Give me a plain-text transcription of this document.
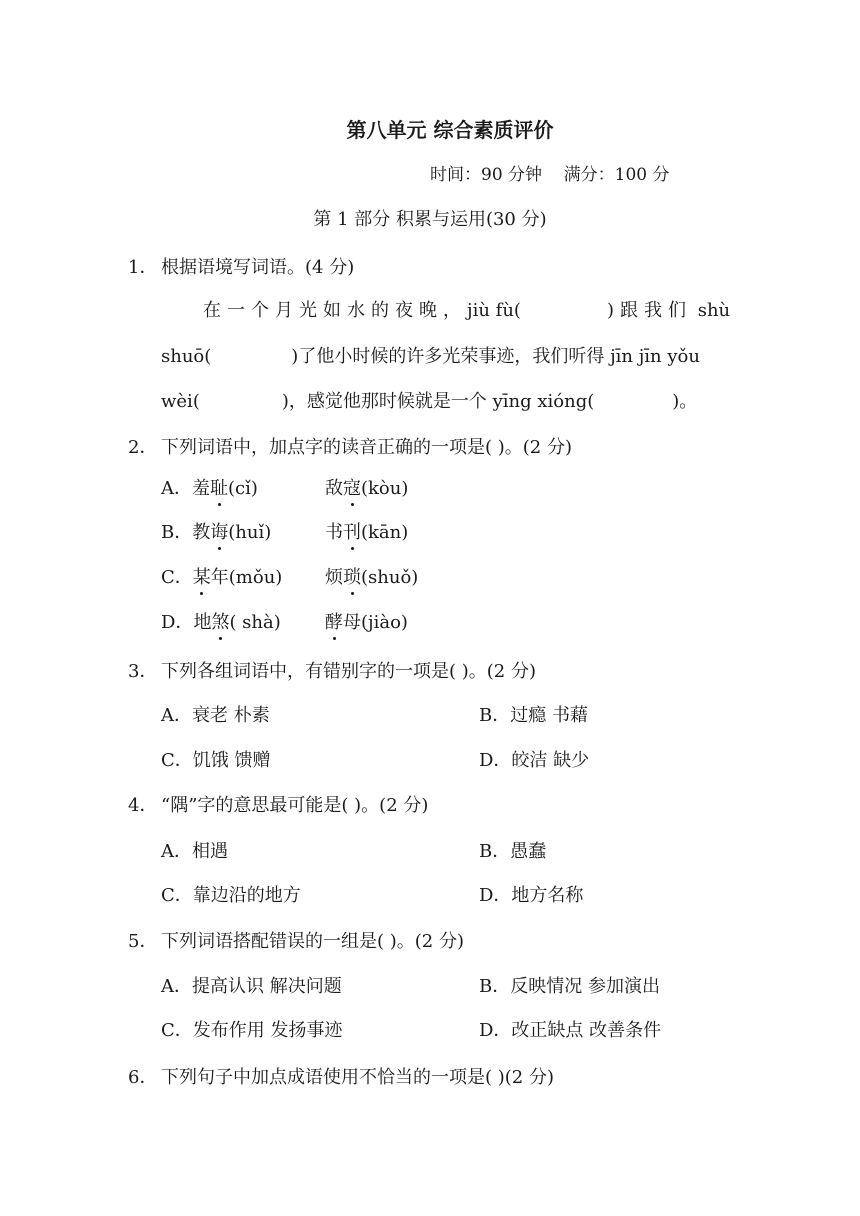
第八单元 综合素质评价
时间：90 分钟 满分：100 分
第 1 部分 积累与运用(30 分)
1． 根据语境写词语。(4 分)
在一个月光如水的夜晚，jiù fù(	)跟我们 shù
shuō(	)了他小时候的许多光荣事迹，我们听得 jīn jīn yǒu
wèi(	)，感觉他那时候就是一个 yīng xióng(	)。
2． 下列词语中，加点字的读音正确的一项是( )。(2 分)
A．羞耻(cǐ)	敌寇(kòu)
B．教诲(huǐ)	书刊(kān)
C．某年(mǒu) 烦琐(shuǒ)
D．地煞( shà) 酵母(jiào)
3． 下列各组词语中，有错别字的一项是( )。(2 分)
A．衰老 朴素	B．过瘾 书藉
C．饥饿 馈赠	D．皎洁 缺少
4． “隅”字的意思最可能是( )。(2 分)
A．相遇	B．愚蠢
C．靠边沿的地方	D．地方名称
5． 下列词语搭配错误的一组是( )。(2 分)
A．提高认识 解决问题	B．反映情况 参加演出
C．发布作用 发扬事迹	D．改正缺点 改善条件
6． 下列句子中加点成语使用不恰当的一项是( )(2 分)
